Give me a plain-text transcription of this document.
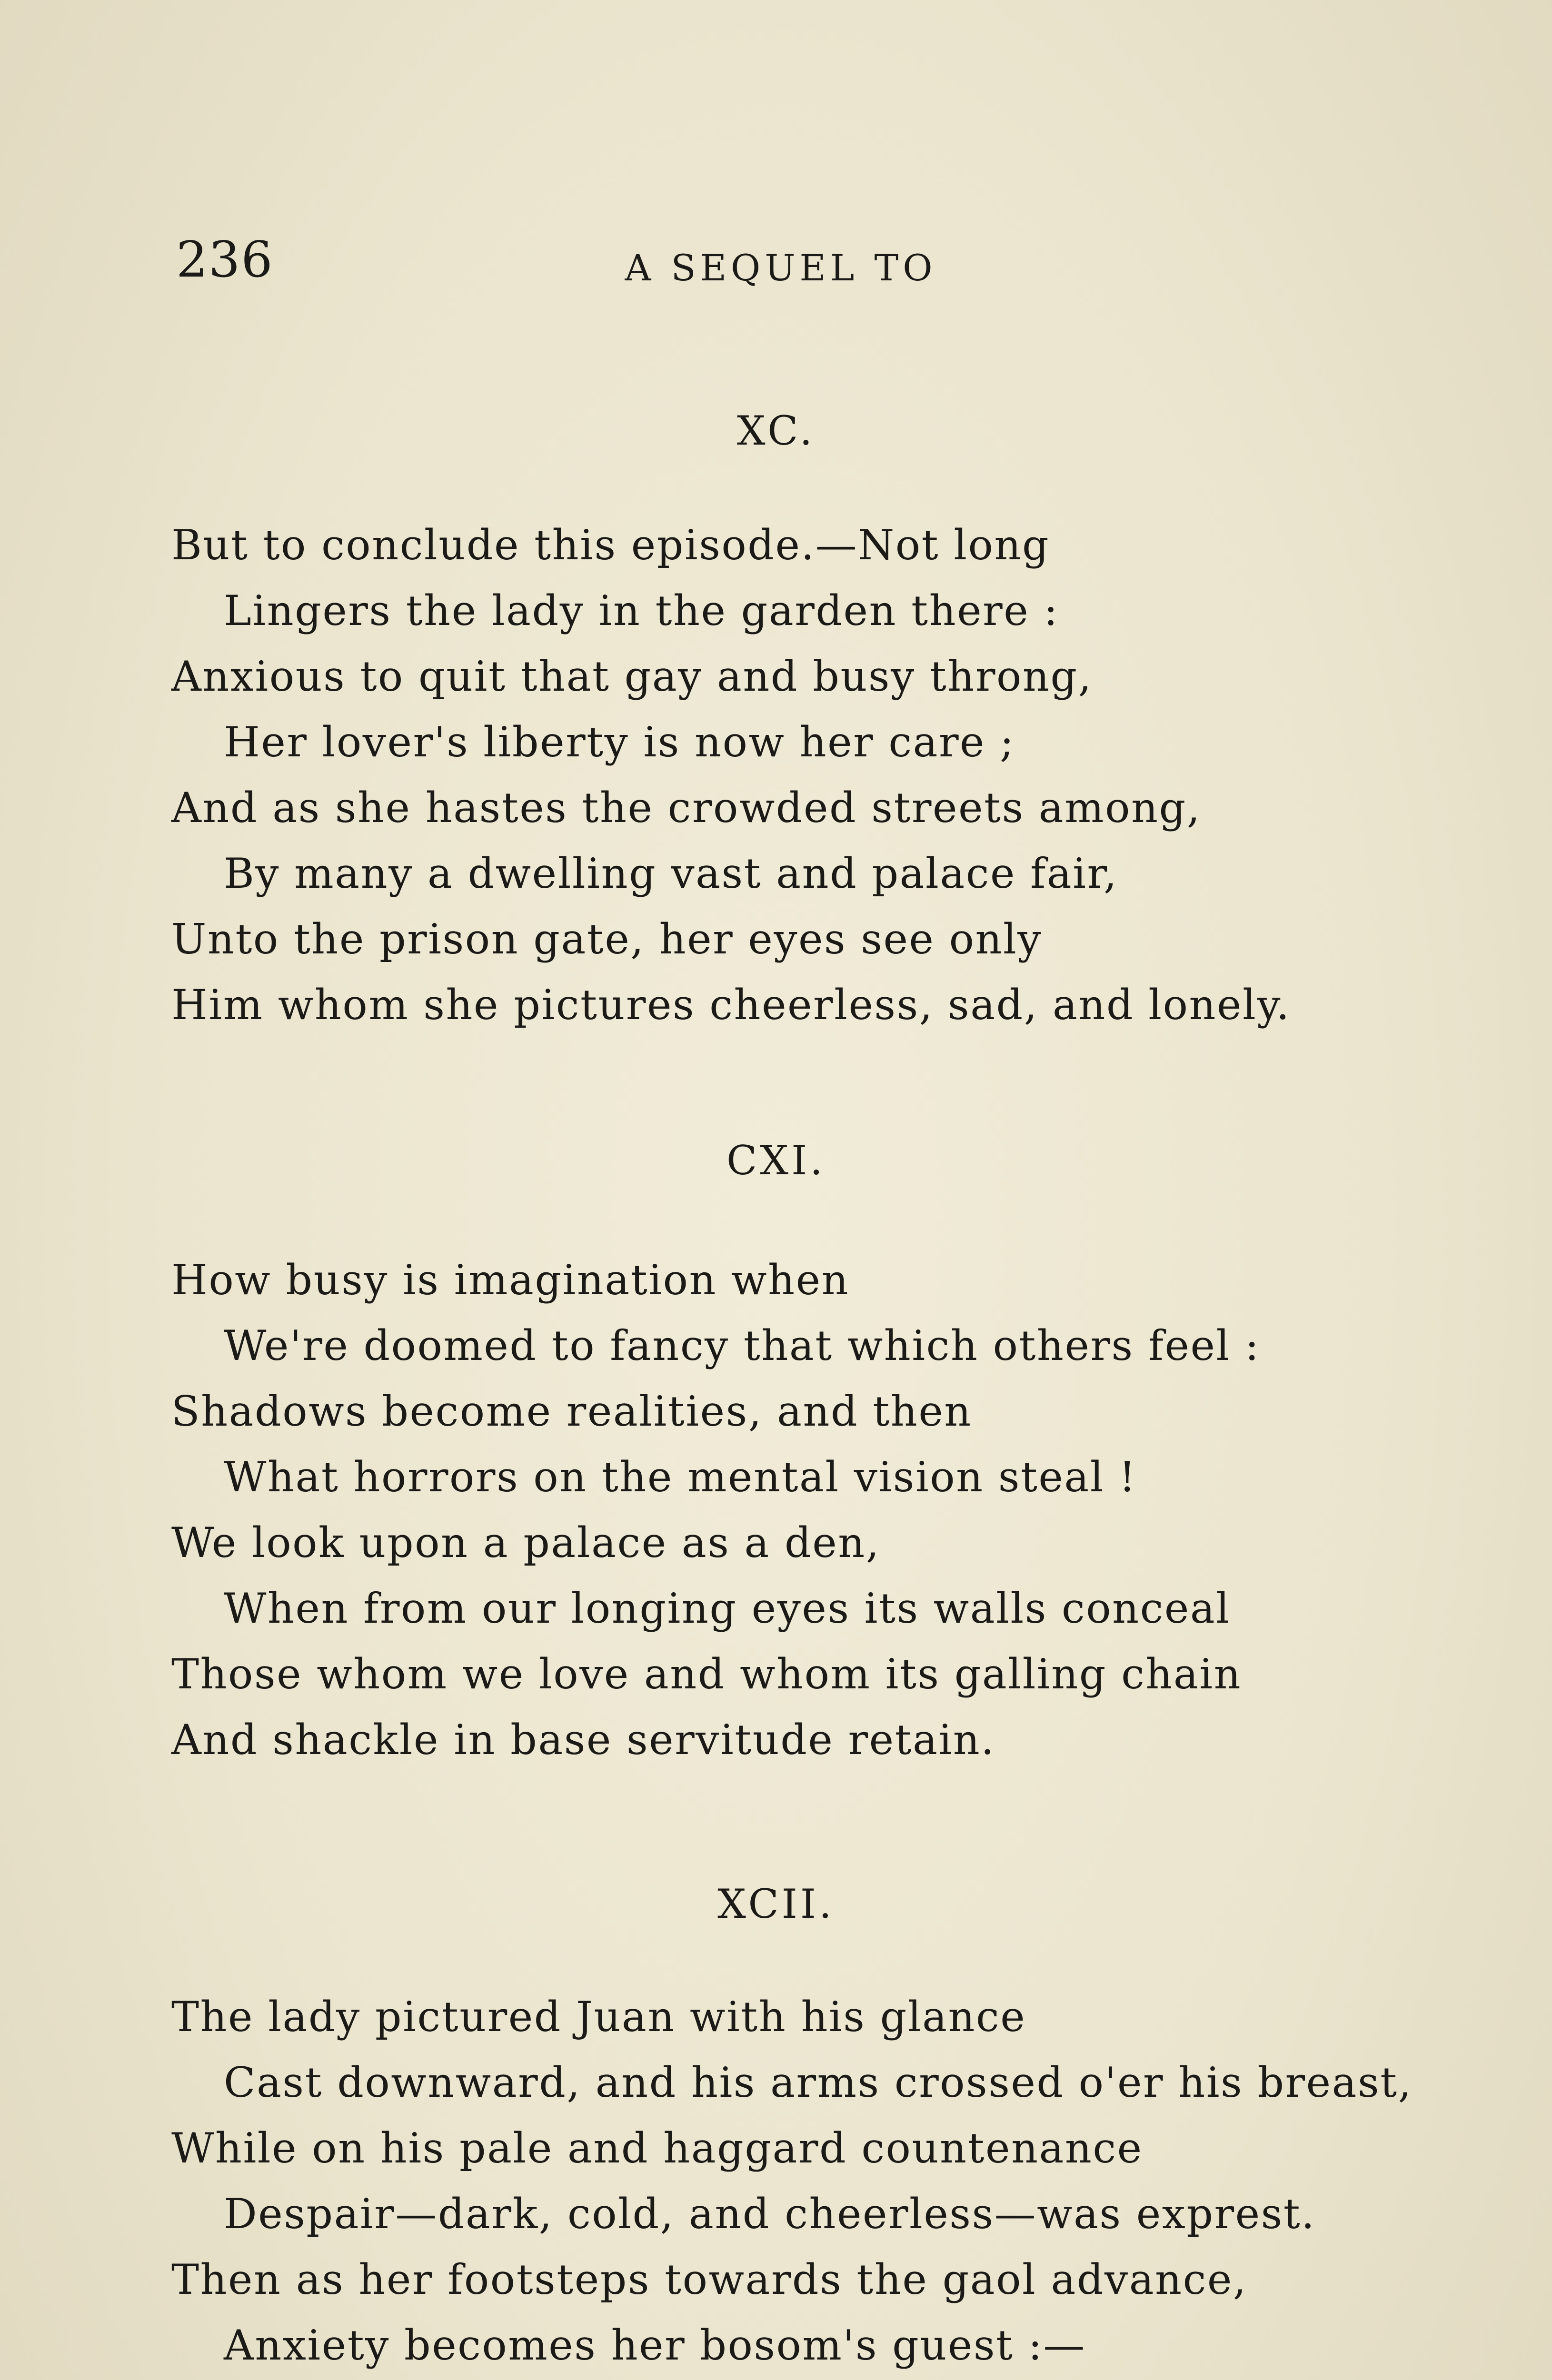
236	A SEQUEL TO
XC.
But to conclude this episode.—Not long
Lingers the lady in the garden there :
Anxious to quit that gay and busy throng,
Her lover's liberty is now her care ;
And as she hastes the crowded streets among,
By many a dwelling vast and palace fair,
Unto the prison gate, her eyes see only
Him whom she pictures cheerless, sad, and lonely.
CXI.
How busy is imagination when
We're doomed to fancy that which others feel :
Shadows become realities, and then
What horrors on the mental vision steal !
We look upon a palace as a den,
When from our longing eyes its walls conceal
Those whom we love and whom its galling chain
And shackle in base servitude retain.
XCII.
The lady pictured Juan with his glance
Cast downward, and his arms crossed o'er his breast,
While on his pale and haggard countenance
Despair—dark, cold, and cheerless—was exprest.
Then as her footsteps towards the gaol advance,
Anxiety becomes her bosom's guest :—
